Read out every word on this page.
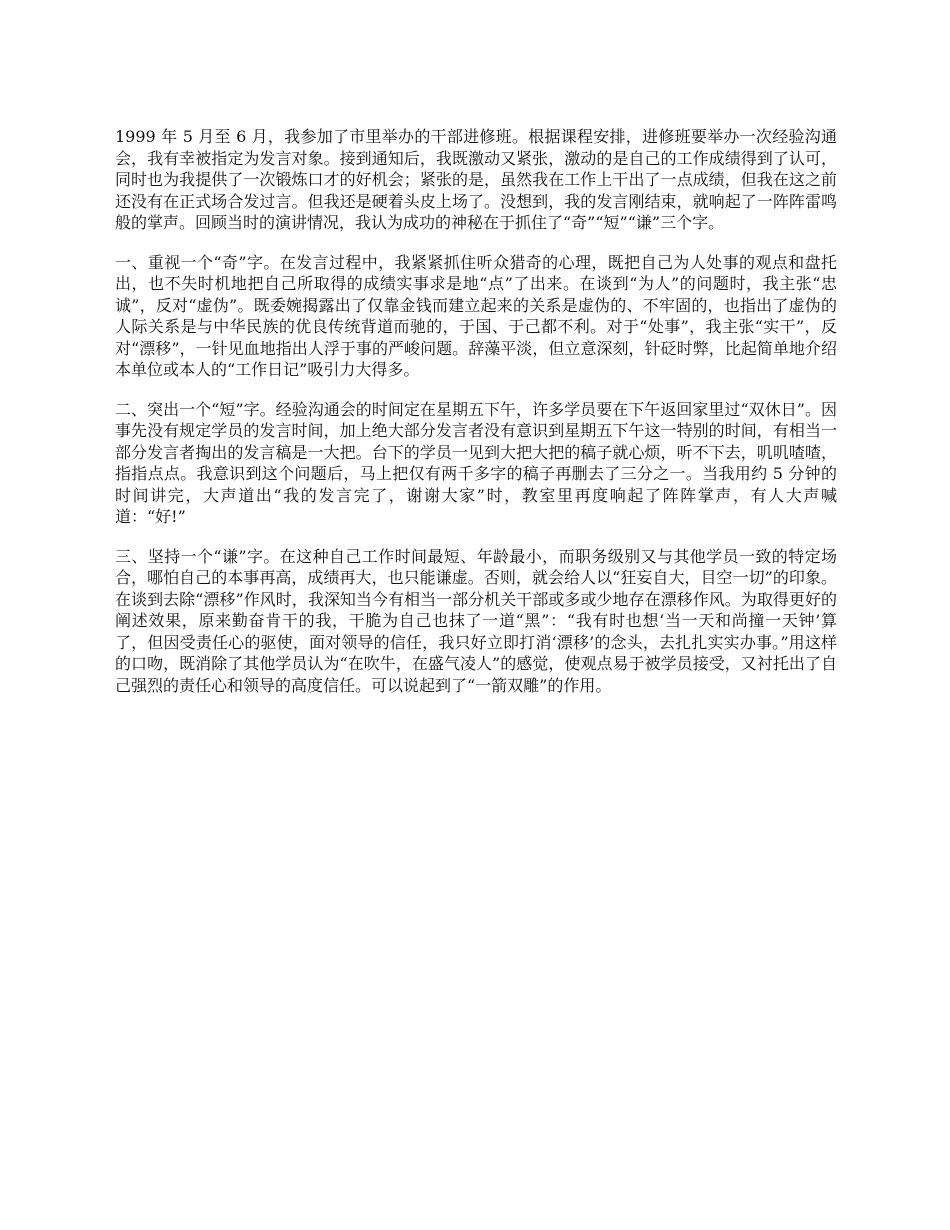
1999 年 5 月至 6 月，我参加了市里举办的干部进修班。根据课程安排，进修班要举办一次经验沟通会，我有幸被指定为发言对象。接到通知后，我既激动又紧张，激动的是自己的工作成绩得到了认可，同时也为我提供了一次锻炼口才的好机会；紧张的是，虽然我在工作上干出了一点成绩，但我在这之前还没有在正式场合发过言。但我还是硬着头皮上场了。没想到，我的发言刚结束，就响起了一阵阵雷鸣般的掌声。回顾当时的演讲情况，我认为成功的神秘在于抓住了“奇”“短”“谦”三个字。

一、重视一个“奇”字。在发言过程中，我紧紧抓住听众猎奇的心理，既把自己为人处事的观点和盘托出，也不失时机地把自己所取得的成绩实事求是地“点”了出来。在谈到“为人”的问题时，我主张“忠诚”，反对“虚伪”。既委婉揭露出了仅靠金钱而建立起来的关系是虚伪的、不牢固的，也指出了虚伪的人际关系是与中华民族的优良传统背道而驰的，于国、于己都不利。对于“处事”，我主张“实干”，反对“漂移”，一针见血地指出人浮于事的严峻问题。辞藻平淡，但立意深刻，针砭时弊，比起简单地介绍本单位或本人的“工作日记”吸引力大得多。

二、突出一个“短”字。经验沟通会的时间定在星期五下午，许多学员要在下午返回家里过“双休日”。因事先没有规定学员的发言时间，加上绝大部分发言者没有意识到星期五下午这一特别的时间，有相当一部分发言者掏出的发言稿是一大把。台下的学员一见到大把大把的稿子就心烦，听不下去，叽叽喳喳，指指点点。我意识到这个问题后，马上把仅有两千多字的稿子再删去了三分之一。当我用约 5 分钟的时间讲完，大声道出“我的发言完了，谢谢大家”时，教室里再度响起了阵阵掌声，有人大声喊道：“好!”

三、坚持一个“谦”字。在这种自己工作时间最短、年龄最小，而职务级别又与其他学员一致的特定场合，哪怕自己的本事再高，成绩再大，也只能谦虚。否则，就会给人以“狂妄自大，目空一切”的印象。在谈到去除“漂移”作风时，我深知当今有相当一部分机关干部或多或少地存在漂移作风。为取得更好的阐述效果，原来勤奋肯干的我，干脆为自己也抹了一道“黑”：“我有时也想‘当一天和尚撞一天钟’算了，但因受责任心的驱使，面对领导的信任，我只好立即打消‘漂移’的念头，去扎扎实实办事。”用这样的口吻，既消除了其他学员认为“在吹牛，在盛气凌人”的感觉，使观点易于被学员接受，又衬托出了自己强烈的责任心和领导的高度信任。可以说起到了“一箭双雕”的作用。
